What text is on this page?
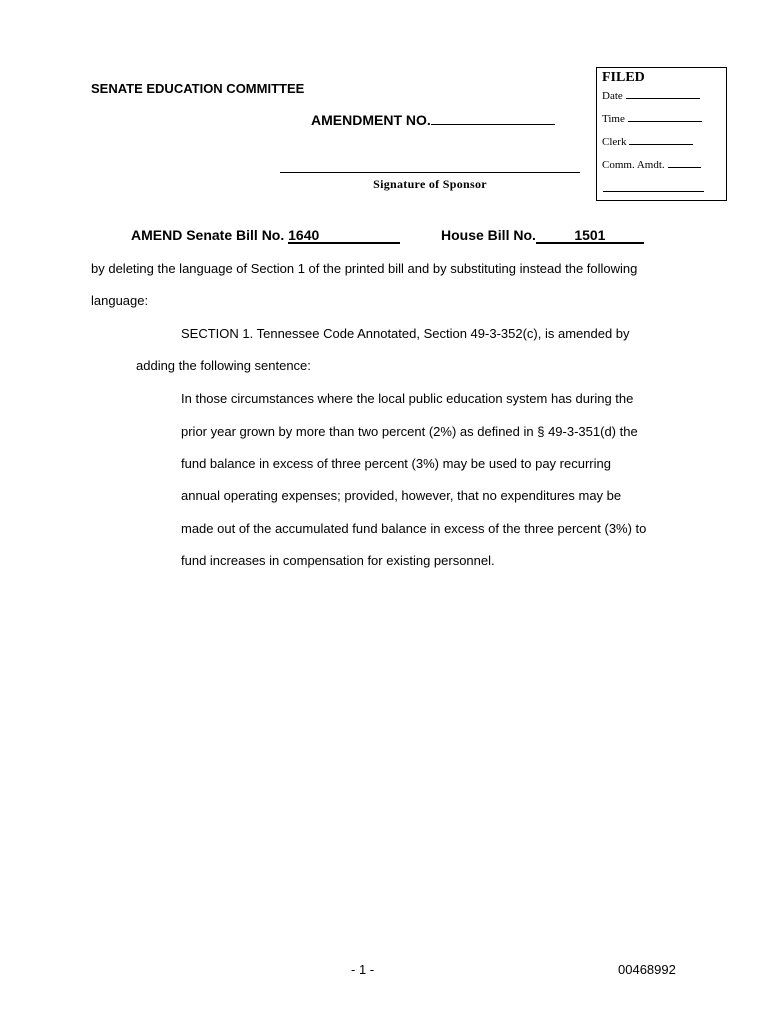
SENATE EDUCATION COMMITTEE
AMENDMENT NO.
FILED
Date
Time
Clerk
Comm. Amdt.
Signature of Sponsor
AMEND Senate Bill No. 1640	House Bill No.	1501
by deleting the language of Section 1 of the printed bill and by substituting instead the following
language:
SECTION 1. Tennessee Code Annotated, Section 49-3-352(c), is amended by
adding the following sentence:
In those circumstances where the local public education system has during the
prior year grown by more than two percent (2%) as defined in § 49-3-351(d) the
fund balance in excess of three percent (3%) may be used to pay recurring
annual operating expenses; provided, however, that no expenditures may be
made out of the accumulated fund balance in excess of the three percent (3%) to
fund increases in compensation for existing personnel.
- 1 -	00468992
